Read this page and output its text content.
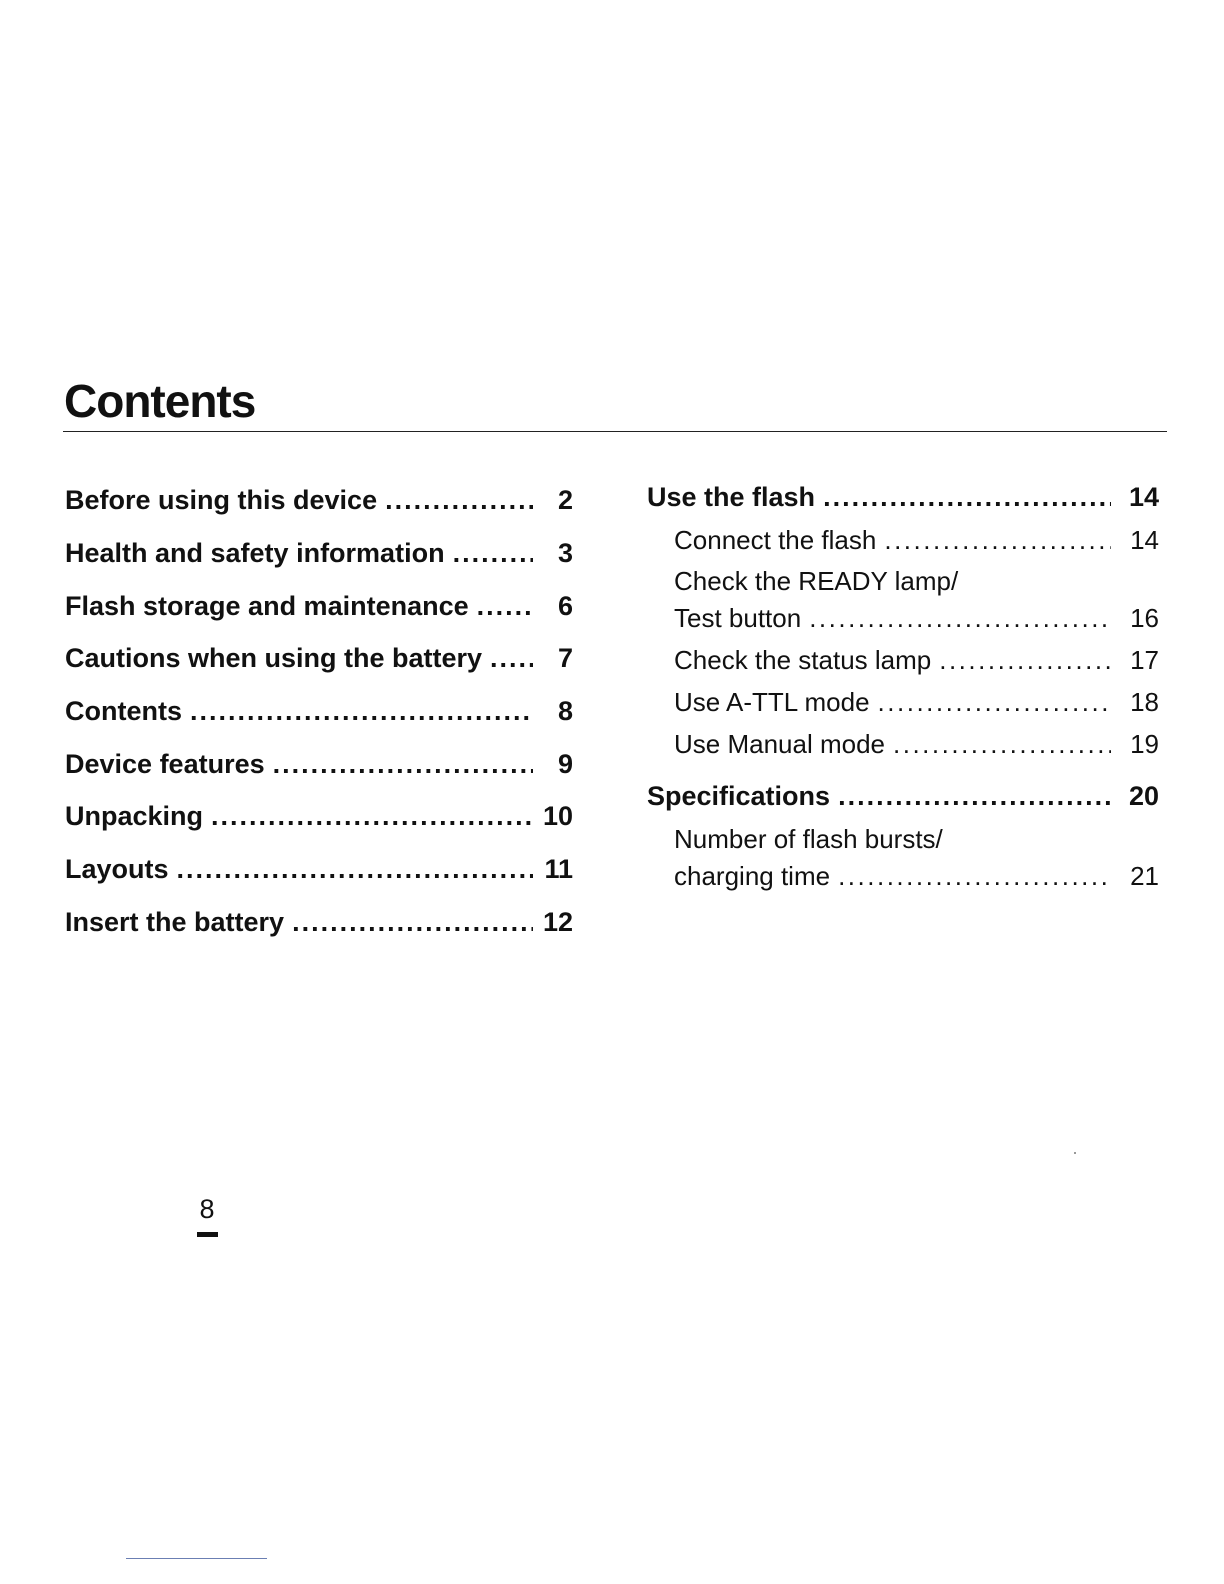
Contents
Before using this device .....	2
Health and safety information .....	3
Flash storage and maintenance .....	6
Cautions when using the battery .....	7
Contents .....	8
Device features .....	9
Unpacking .....	10
Layouts .....	11
Insert the battery .....	12
Use the flash .....	14
Connect the flash .....	14
Check the READY lamp/
Test button .....	16
Check the status lamp .....	17
Use A-TTL mode .....	18
Use Manual mode .....	19
Specifications .....	20
Number of flash bursts/
charging time .....	21
8
